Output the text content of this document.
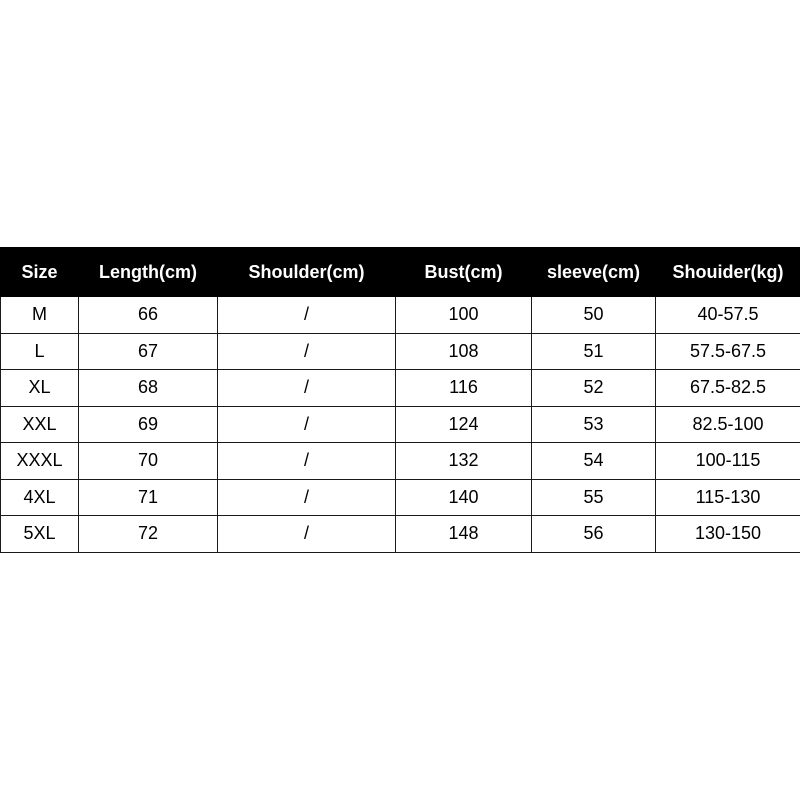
Size	Length(cm)	Shoulder(cm)	Bust(cm)	sleeve(cm)	Shouider(kg)
M	66	/	100	50	40-57.5
L	67	/	108	51	57.5-67.5
XL	68	/	116	52	67.5-82.5
XXL	69	/	124	53	82.5-100
XXXL	70	/	132	54	100-115
4XL	71	/	140	55	115-130
5XL	72	/	148	56	130-150
